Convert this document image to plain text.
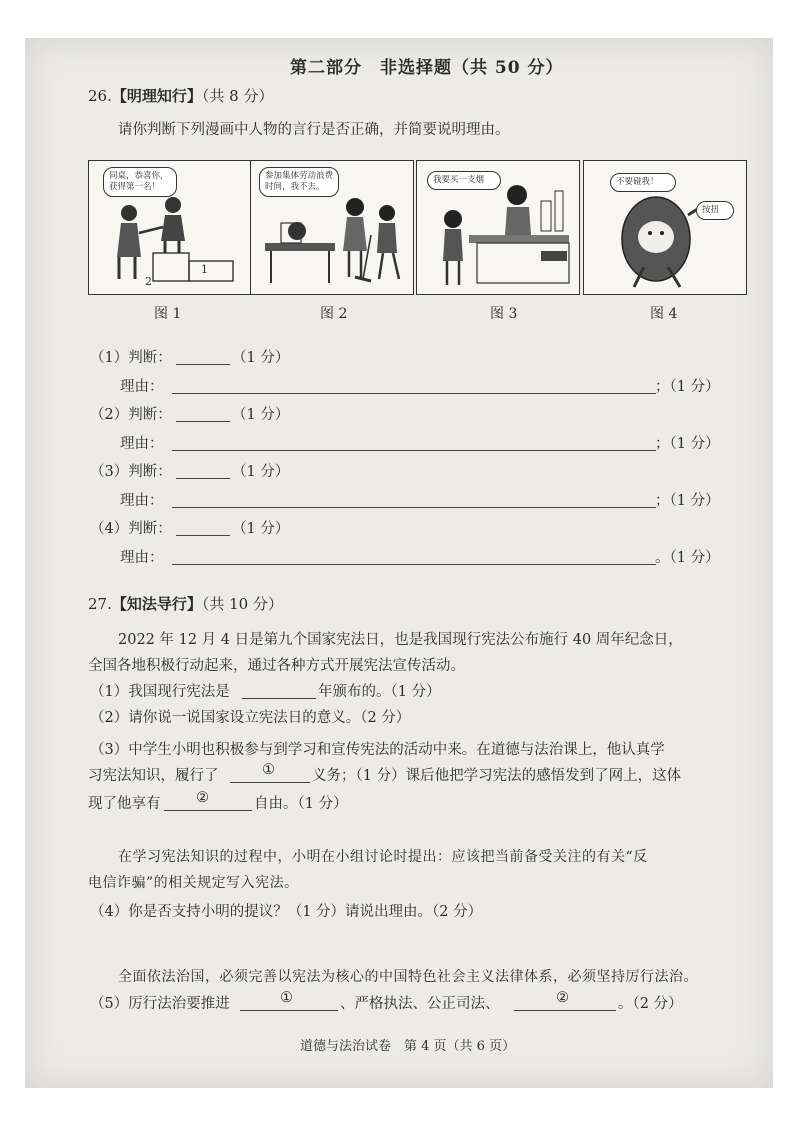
第二部分　非选择题（共 50 分）
26.【明理知行】（共 8 分）
请你判断下列漫画中人物的言行是否正确，并简要说明理由。
同桌，恭喜你，获得第一名！
2
1
参加集体劳动浪费时间，我不去。
我要买一支烟	不要碰我！
按扭
图 1	图 2	图 3	图 4
（1）判断：	（1 分）
理由：	；（1 分）
（2）判断：	（1 分）
理由：	；（1 分）
（3）判断：	（1 分）
理由：	；（1 分）
（4）判断：	（1 分）
理由：	。（1 分）
27.【知法导行】（共 10 分）
2022 年 12 月 4 日是第九个国家宪法日，也是我国现行宪法公布施行 40 周年纪念日，
全国各地积极行动起来，通过各种方式开展宪法宣传活动。
（1）我国现行宪法是	年颁布的。（1 分）
（2）请你说一说国家设立宪法日的意义。（2 分）
（3）中学生小明也积极参与到学习和宣传宪法的活动中来。在道德与法治课上，他认真学
习宪法知识，履行了	①	义务；（1 分）课后他把学习宪法的感悟发到了网上，这体
现了他享有 ②	自由。（1 分）
在学习宪法知识的过程中，小明在小组讨论时提出：应该把当前备受关注的有关“反
电信诈骗”的相关规定写入宪法。
（4）你是否支持小明的提议？（1 分）请说出理由。（2 分）
全面依法治国，必须完善以宪法为核心的中国特色社会主义法律体系，必须坚持厉行法治。
（5）厉行法治要推进	①	、严格执法、公正司法、	②	。（2 分）
道德与法治试卷　第 4 页（共 6 页）
